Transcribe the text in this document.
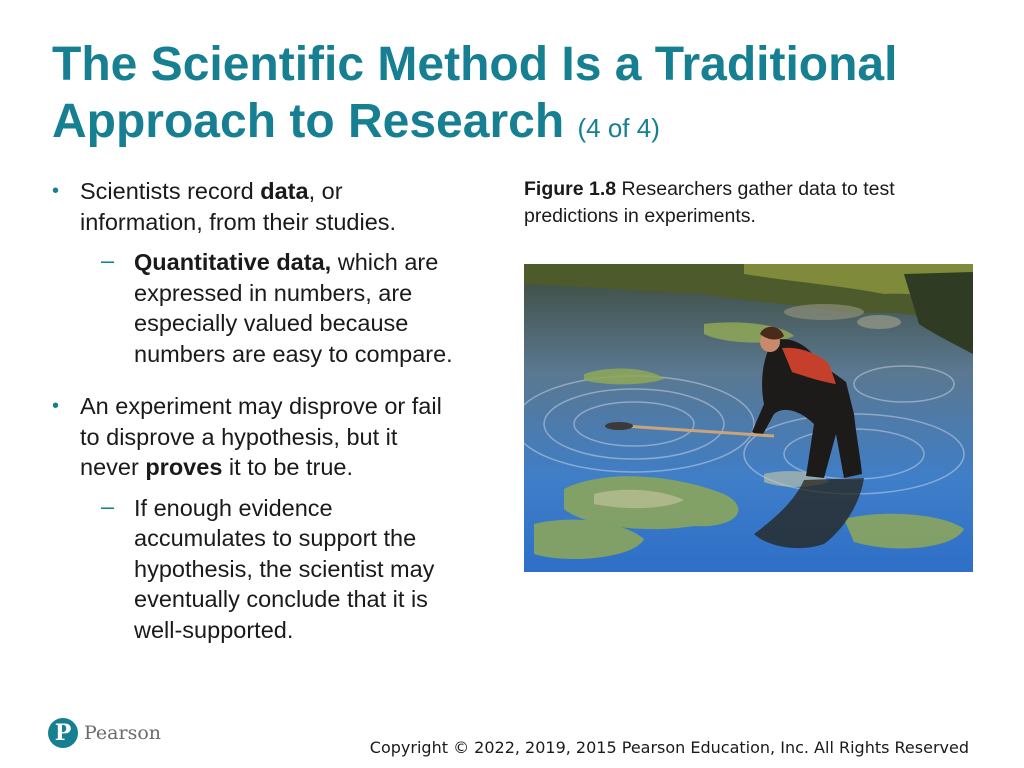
The Scientific Method Is a Traditional Approach to Research (4 of 4)
• Scientists record data, or information, from their studies.
– Quantitative data, which are expressed in numbers, are especially valued because numbers are easy to compare.
• An experiment may disprove or fail to disprove a hypothesis, but it never proves it to be true.
– If enough evidence accumulates to support the hypothesis, the scientist may eventually conclude that it is well-supported.
Figure 1.8 Researchers gather data to test predictions in experiments.
P Pearson
Copyright © 2022, 2019, 2015 Pearson Education, Inc. All Rights Reserved
